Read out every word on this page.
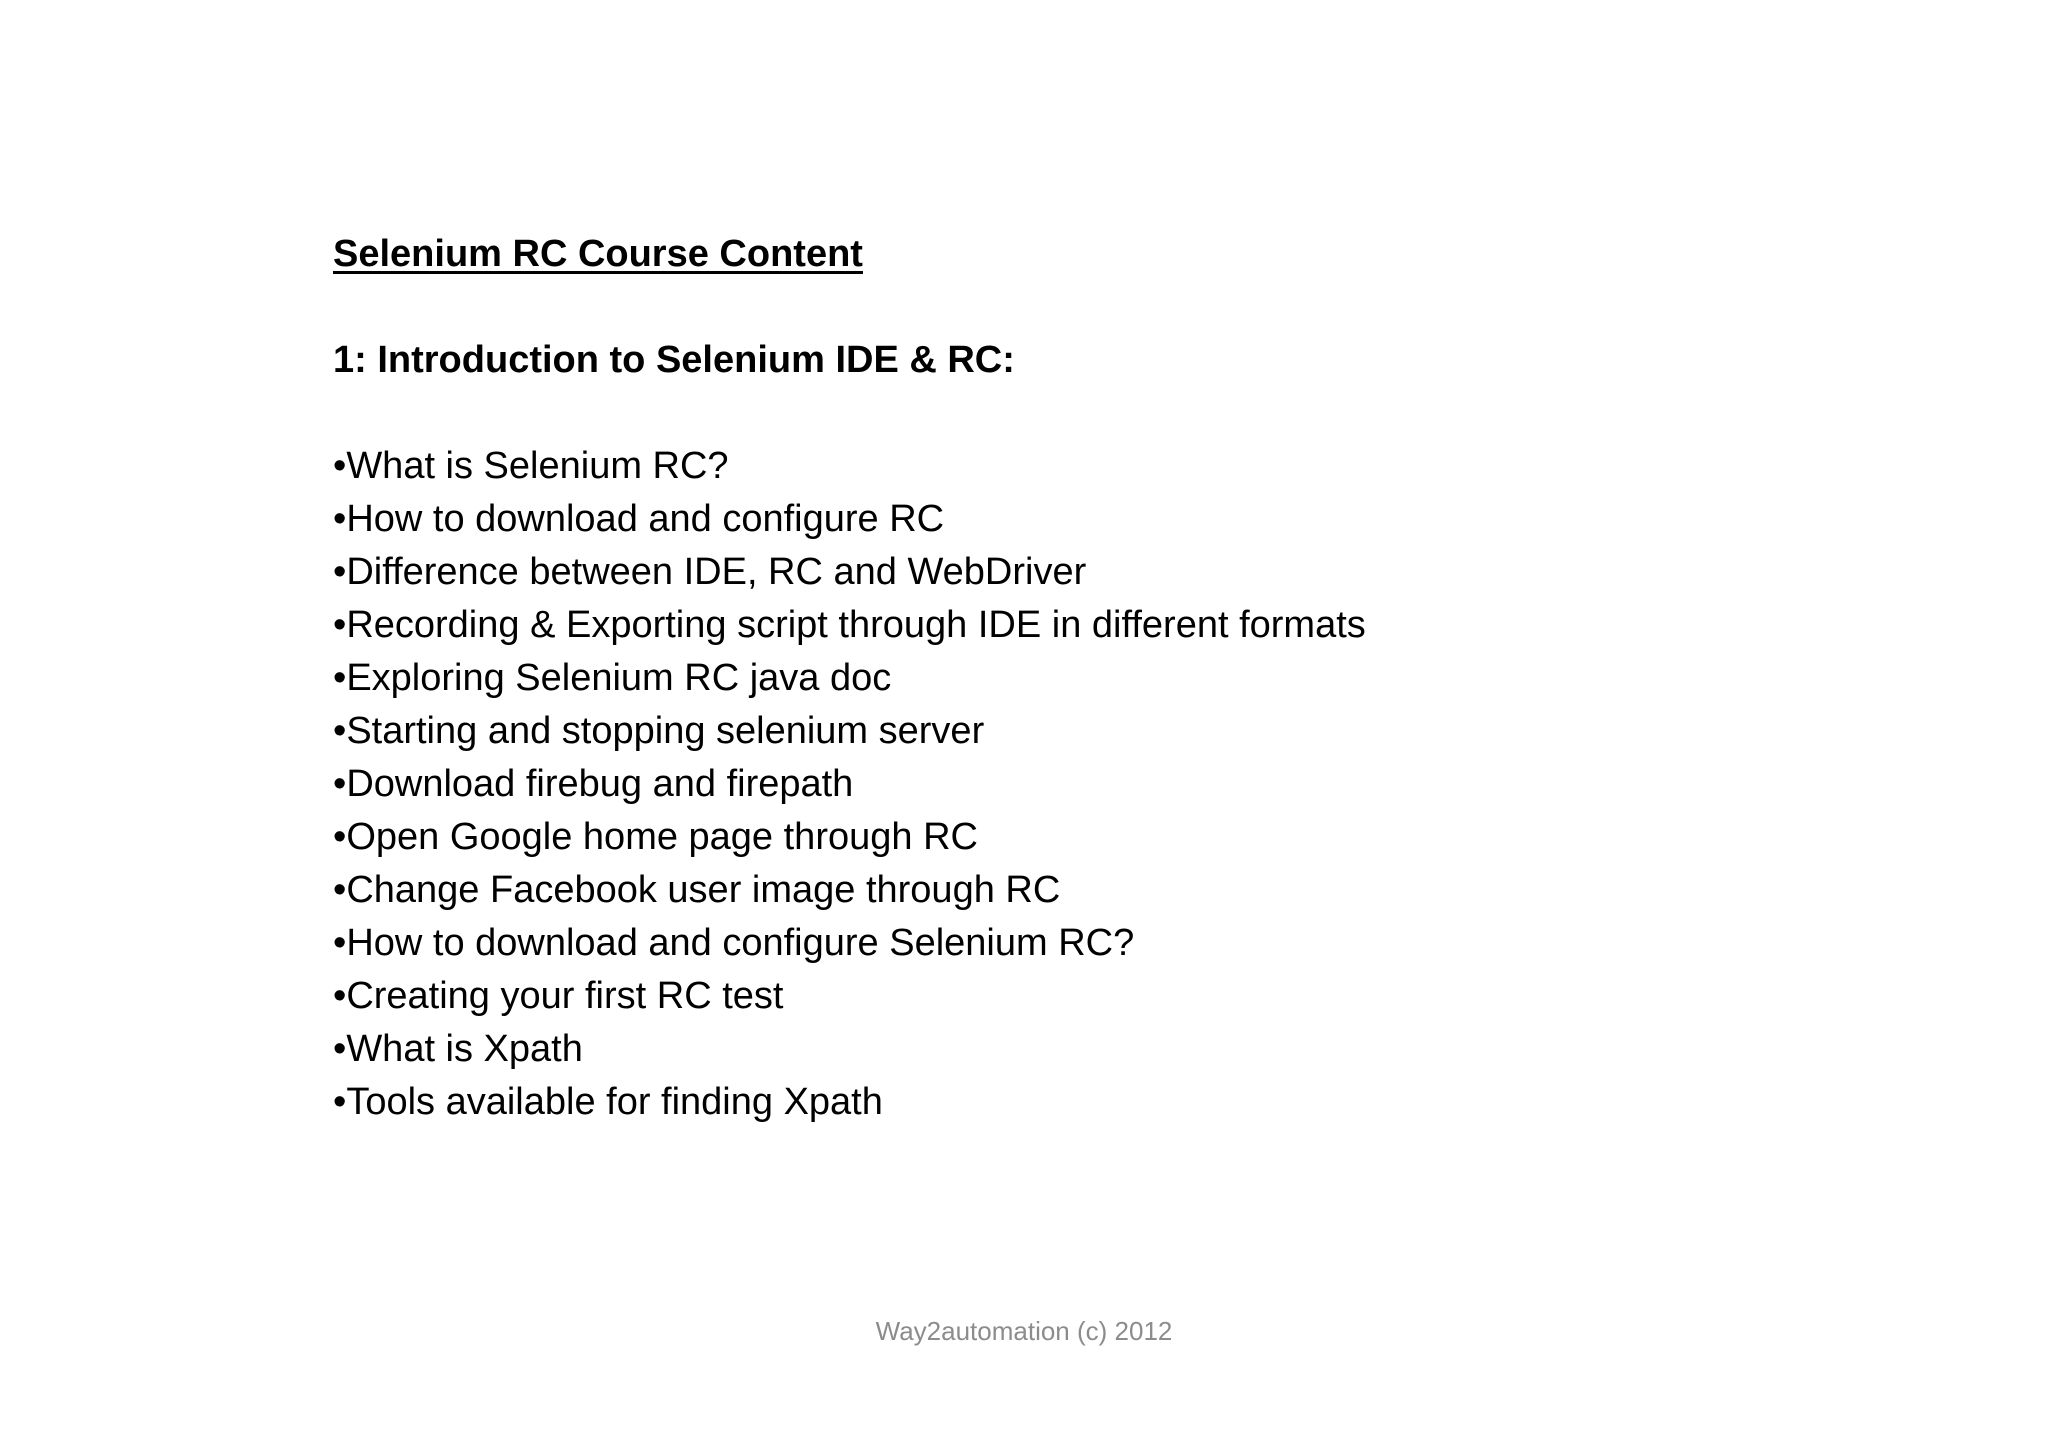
Selenium RC Course Content
1: Introduction to Selenium IDE & RC:
•What is Selenium RC?
•How to download and configure RC
•Difference between IDE, RC and WebDriver
•Recording & Exporting script through IDE in different formats
•Exploring Selenium RC java doc
•Starting and stopping selenium server
•Download firebug and firepath
•Open Google home page through RC
•Change Facebook user image through RC
•How to download and configure Selenium RC?
•Creating your first RC test
•What is Xpath
•Tools available for finding Xpath
Way2automation (c) 2012
